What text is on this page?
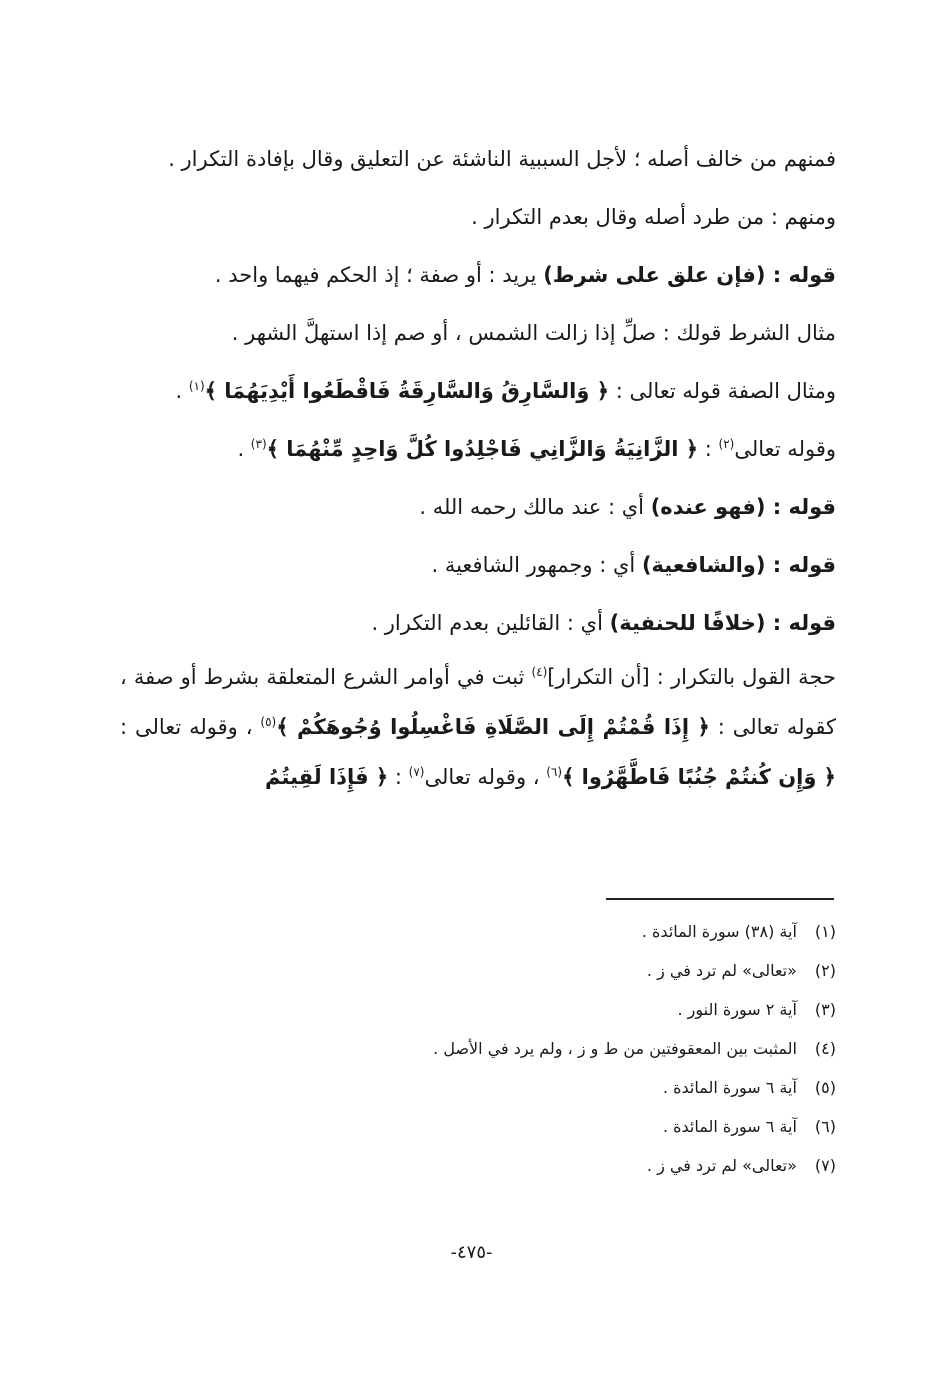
فمنهم من خالف أصله ؛ لأجل السببية الناشئة عن التعليق وقال بإفادة التكرار .

ومنهم : من طرد أصله وقال بعدم التكرار .

قوله : (فإن علق على شرط) يريد : أو صفة ؛ إذ الحكم فيهما واحد .

مثال الشرط قولك : صلِّ إذا زالت الشمس ، أو صم إذا استهلَّ الشهر .

ومثال الصفة قوله تعالى : ﴿ وَالسَّارِقُ وَالسَّارِقَةُ فَاقْطَعُوا أَيْدِيَهُمَا ﴾$^{(١)}$ .

وقوله تعالى$^{(٢)}$ : ﴿ الزَّانِيَةُ وَالزَّانِي فَاجْلِدُوا كُلَّ وَاحِدٍ مِّنْهُمَا ﴾$^{(٣)}$ .

قوله : (فهو عنده) أي : عند مالك رحمه الله .

قوله : (والشافعية) أي : وجمهور الشافعية .

قوله : (خلافًا للحنفية) أي : القائلين بعدم التكرار .

حجة القول بالتكرار : [أن التكرار]$^{(٤)}$ ثبت في أوامر الشرع المتعلقة بشرط أو صفة ، كقوله تعالى : ﴿ إِذَا قُمْتُمْ إِلَى الصَّلَاةِ فَاغْسِلُوا وُجُوهَكُمْ ﴾$^{(٥)}$ ، وقوله تعالى : ﴿ وَإِن كُنتُمْ جُنُبًا فَاطَّهَّرُوا ﴾$^{(٦)}$ ، وقوله تعالى$^{(٧)}$ : ﴿ فَإِذَا لَقِيتُمُ

(١) آية (٣٨) سورة المائدة .

(٢) «تعالى» لم ترد في ز .

(٣) آية ٢ سورة النور .

(٤) المثبت بين المعقوفتين من ط و ز ، ولم يرد في الأصل .

(٥) آية ٦ سورة المائدة .

(٦) آية ٦ سورة المائدة .

(٧) «تعالى» لم ترد في ز .

-٤٧٥-
